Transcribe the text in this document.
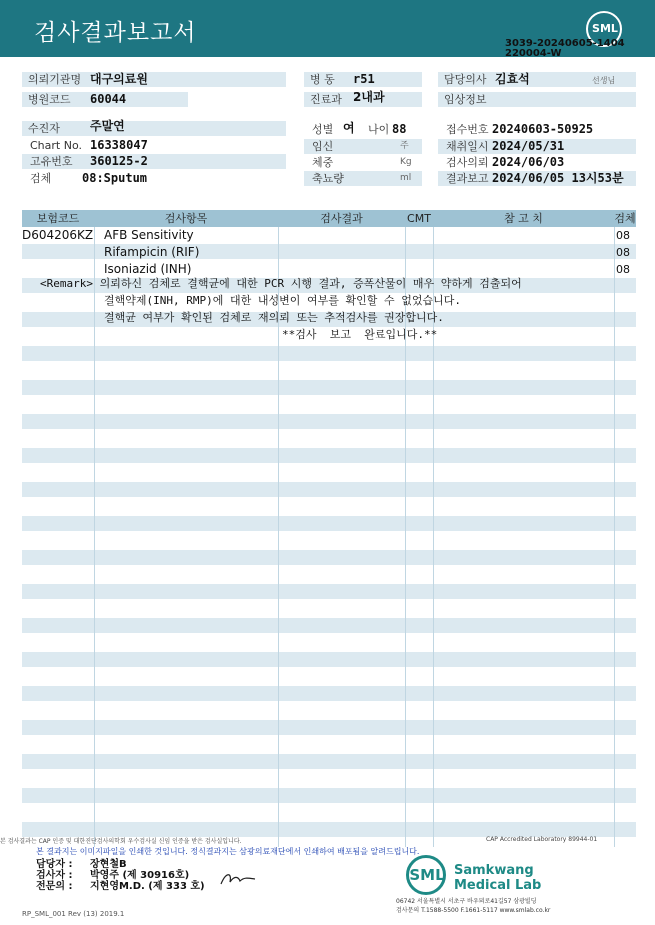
검사결과보고서	SML
3039-20240605-1404
220004-W
의뢰기관명 대구의료원
병원코드	60044
수진자	주말연
Chart No. 16338047
고유번호 360125-2
검체	08:Sputum
병 동	r51
진료과 2내과
성별 여 나이 88
임신	주
체중	Kg
축뇨량	ml
담당의사 김효석	선생님
임상정보
접수번호 20240603-50925
채취일시 2024/05/31
검사의뢰 2024/06/03
결과보고 2024/06/05 13시53분
보험코드	검사항목	검사결과	CMT	참 고 치	검체
D604206KZ AFB Sensitivity	08
Rifampicin (RIF)	08
Isoniazid (INH)	08
<Remark> 의뢰하신 검체로 결핵균에 대한 PCR 시행 결과, 증폭산물이 매우 약하게 검출되어
결핵약제(INH, RMP)에 대한 내성변이 여부를 확인할 수 없었습니다.
결핵균 여부가 확인된 검체로 재의뢰 또는 추적검사를 권장합니다.
**검사  보고  완료입니다.**
본 검사결과는 CAP 인증 및 대한진단검사의학회 우수검사실 신임 인증을 받은 검사실입니다.	CAP Accredited Laboratory 89944-01
본 결과지는 이미지파일을 인쇄한 것입니다. 정식결과지는 삼광의료재단에서 인쇄하여 배포됨을 알려드립니다.
담당자 :	장현철B
검사자 :	박영주 (제 30916호)
전문의 :	지현영M.D. (제 333 호)
SML Samkwang
Medical Lab
06742 서울특별시 서초구 바우뫼로41길57 삼광빌딩
검사문의 T.1588-5500 F.1661-5117 www.smlab.co.kr
RP_SML_001 Rev (13) 2019.1
